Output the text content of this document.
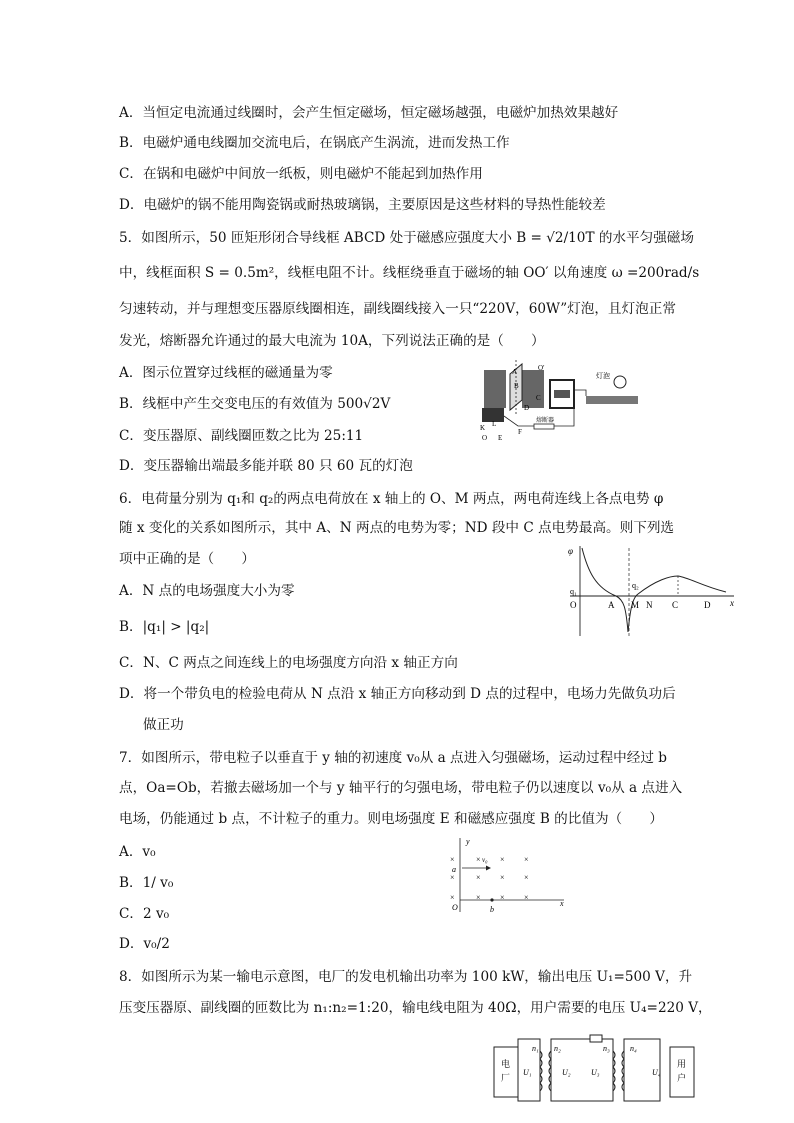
A．当恒定电流通过线圈时，会产生恒定磁场，恒定磁场越强，电磁炉加热效果越好
B．电磁炉通电线圈加交流电后，在锅底产生涡流，进而发热工作
C．在锅和电磁炉中间放一纸板，则电磁炉不能起到加热作用
D．电磁炉的锅不能用陶瓷锅或耐热玻璃锅，主要原因是这些材料的导热性能较差
5．如图所示，50 匝矩形闭合导线框 ABCD 处于磁感应强度大小 B = √2/10T 的水平匀强磁场
中，线框面积 S = 0.5m²，线框电阻不计。线框绕垂直于磁场的轴 OO′ 以角速度 ω =200rad/s
匀速转动，并与理想变压器原线圈相连，副线圈线接入一只“220V，60W”灯泡，且灯泡正常
发光，熔断器允许通过的最大电流为 10A，下列说法正确的是（　　）
A．图示位置穿过线框的磁通量为零
B．线框中产生交变电压的有效值为 500√2V
C．变压器原、副线圈匝数之比为 25:11
D．变压器输出端最多能并联 80 只 60 瓦的灯泡
A
B
C
D
O′
K L
O E
F
熔断器
灯泡
6．电荷量分别为 q₁和 q₂的两点电荷放在 x 轴上的 O、M 两点，两电荷连线上各点电势 φ
随 x 变化的关系如图所示，其中 A、N 两点的电势为零；ND 段中 C 点电势最高。则下列选
项中正确的是（　　）
A．N 点的电场强度大小为零
B．|q₁| > |q₂|
C．N、C 两点之间连线上的电场强度方向沿 x 轴正方向
D．将一个带负电的检验电荷从 N 点沿 x 轴正方向移动到 D 点的过程中，电场力先做负功后
做正功
φ
x
q₁
q₂
O	A M N C	D
7．如图所示，带电粒子以垂直于 y 轴的初速度 v₀从 a 点进入匀强磁场，运动过程中经过 b
点，Oa=Ob，若撤去磁场加一个与 y 轴平行的匀强电场，带电粒子仍以速度以 v₀从 a 点进入
电场，仍能通过 b 点，不计粒子的重力。则电场强度 E 和磁感应强度 B 的比值为（　　）
A．v₀
B．1/ v₀
C．2 v₀
D．v₀/2
×	× × ×
×	× × ×
×	× × ×
y
x
a
b
O
v₀
8．如图所示为某一输电示意图，电厂的发电机输出功率为 100 kW，输出电压 U₁=500 V，升
压变压器原、副线圈的匝数比为 n₁:n₂=1:20，输电线电阻为 40Ω，用户需要的电压 U₄=220 V，
电
厂
用
户
n₁ n₂	n₃	n₄
U₁	U₂	U₃	U₄
